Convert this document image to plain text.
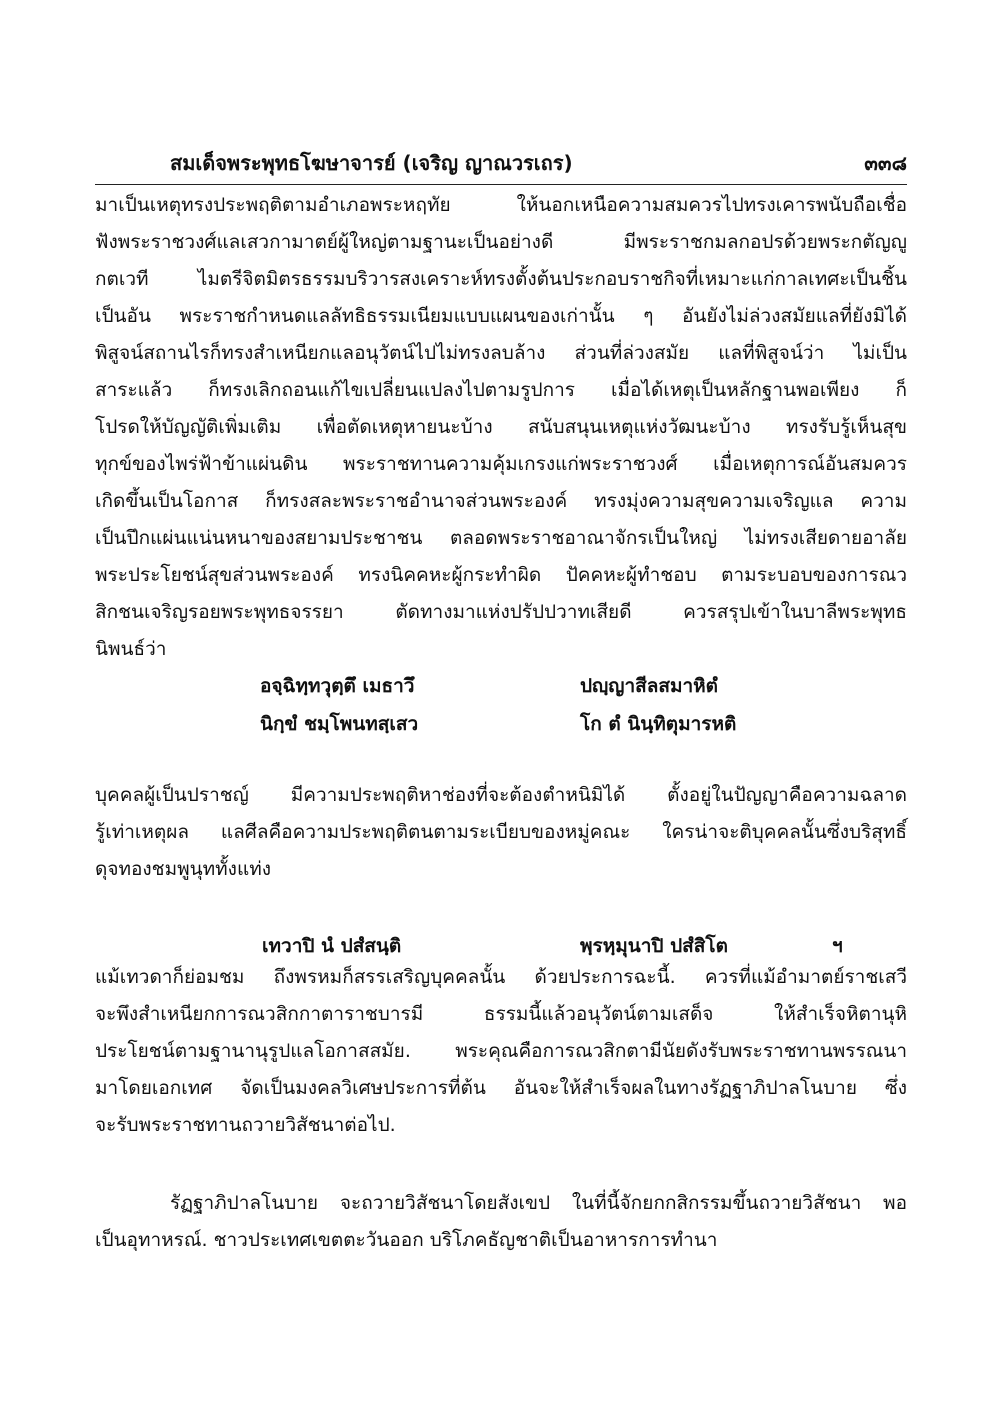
สมเด็จพระพุทธโฆษาจารย์ (เจริญ ญาณวรเถร)	๓๓๘
มาเป็นเหตุทรงประพฤติตามอำเภอพระหฤทัย ให้นอกเหนือความสมควรไปทรงเคารพนับถือเชื่อ
ฟังพระราชวงศ์แลเสวกามาตย์ผู้ใหญ่ตามฐานะเป็นอย่างดี มีพระราชกมลกอปรด้วยพระกตัญญู
กตเวที ไมตรีจิตมิตรธรรมบริวารสงเคราะห์ทรงตั้งต้นประกอบราชกิจที่เหมาะแก่กาลเทศะเป็นชิ้น
เป็นอัน พระราชกำหนดแลลัทธิธรรมเนียมแบบแผนของเก่านั้น ๆ อันยังไม่ล่วงสมัยแลที่ยังมิได้
พิสูจน์สถานไรก็ทรงสำเหนียกแลอนุวัตน์ไปไม่ทรงลบล้าง ส่วนที่ล่วงสมัย แลที่พิสูจน์ว่า ไม่เป็น
สาระแล้ว ก็ทรงเลิกถอนแก้ไขเปลี่ยนแปลงไปตามรูปการ เมื่อได้เหตุเป็นหลักฐานพอเพียง ก็
โปรดให้บัญญัติเพิ่มเติม เพื่อตัดเหตุหายนะบ้าง สนับสนุนเหตุแห่งวัฒนะบ้าง ทรงรับรู้เห็นสุข
ทุกข์ของไพร่ฟ้าข้าแผ่นดิน พระราชทานความคุ้มเกรงแก่พระราชวงศ์ เมื่อเหตุการณ์อันสมควร
เกิดขึ้นเป็นโอกาส ก็ทรงสละพระราชอำนาจส่วนพระองค์ ทรงมุ่งความสุขความเจริญแล ความ
เป็นปึกแผ่นแน่นหนาของสยามประชาชน ตลอดพระราชอาณาจักรเป็นใหญ่ ไม่ทรงเสียดายอาลัย
พระประโยชน์สุขส่วนพระองค์ ทรงนิคคหะผู้กระทำผิด ปัคคหะผู้ทำชอบ ตามระบอบของการณว
สิกชนเจริญรอยพระพุทธจรรยา ตัดทางมาแห่งปรัปปวาทเสียดี ควรสรุปเข้าในบาลีพระพุทธ
นิพนธ์ว่า
อจฺฉิทฺทวุตฺตึ เมธาวึ	ปญฺญาสีลสมาหิตํ
นิกฺขํ ชมฺโพนทสฺเสว	โก ตํ นินฺทิตุมารหติ
บุคคลผู้เป็นปราชญ์ มีความประพฤติหาช่องที่จะต้องตำหนิมิได้ ตั้งอยู่ในปัญญาคือความฉลาด
รู้เท่าเหตุผล แลศีลคือความประพฤติตนตามระเบียบของหมู่คณะ ใครน่าจะติบุคคลนั้นซึ่งบริสุทธิ์
ดุจทองชมพูนุททั้งแท่ง
เทวาปิ นํ ปสํสนฺติ	พฺรหฺมุนาปิ ปสํสิโต	ฯ
แม้เทวดาก็ย่อมชม ถึงพรหมก็สรรเสริญบุคคลนั้น ด้วยประการฉะนี้. ควรที่แม้อำมาตย์ราชเสวี
จะพึงสำเหนียกการณวสิกกาตาราชบารมี ธรรมนี้แล้วอนุวัตน์ตามเสด็จ ให้สำเร็จหิตานุหิ
ประโยชน์ตามฐานานุรูปแลโอกาสสมัย. พระคุณคือการณวสิกตามีนัยดังรับพระราชทานพรรณนา
มาโดยเอกเทศ จัดเป็นมงคลวิเศษประการที่ต้น อันจะให้สำเร็จผลในทางรัฏฐาภิปาลโนบาย ซึ่ง
จะรับพระราชทานถวายวิสัชนาต่อไป.
รัฏฐาภิปาลโนบาย จะถวายวิสัชนาโดยสังเขป ในที่นี้จักยกกสิกรรมขึ้นถวายวิสัชนา พอ
เป็นอุทาหรณ์. ชาวประเทศเขตตะวันออก บริโภคธัญชาติเป็นอาหารการทำนา
